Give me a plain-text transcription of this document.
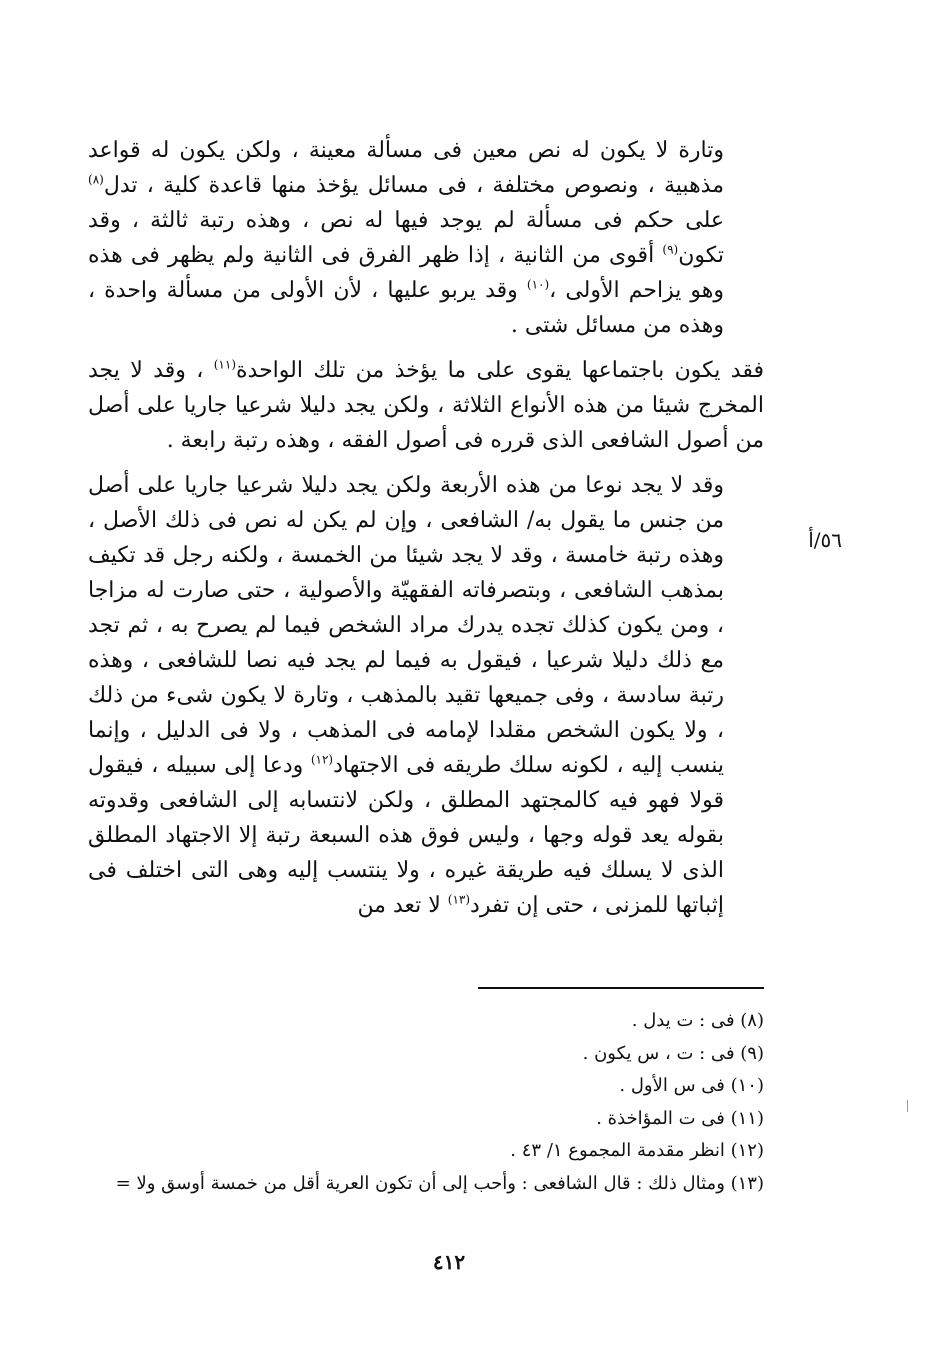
وتارة لا يكون له نص معين فى مسألة معينة ، ولكن يكون له قواعد مذهبية ، ونصوص مختلفة ، فى مسائل يؤخذ منها قاعدة كلية ، تدل$^{(٨)}$ على حكم فى مسألة لم يوجد فيها له نص ، وهذه رتبة ثالثة ، وقد تكون$^{(٩)}$ أقوى من الثانية ، إذا ظهر الفرق فى الثانية ولم يظهر فى هذه وهو يزاحم الأولى ،$^{(١٠)}$ وقد يربو عليها ، لأن الأولى من مسألة واحدة ، وهذه من مسائل شتى .

فقد يكون باجتماعها يقوى على ما يؤخذ من تلك الواحدة$^{(١١)}$ ، وقد لا يجد المخرج شيئا من هذه الأنواع الثلاثة ، ولكن يجد دليلا شرعيا جاريا على أصل من أصول الشافعى الذى قرره فى أصول الفقه ، وهذه رتبة رابعة .

وقد لا يجد نوعا من هذه الأربعة ولكن يجد دليلا شرعيا جاريا على أصل من جنس ما يقول به/ الشافعى ، وإن لم يكن له نص فى ذلك الأصل ، وهذه رتبة خامسة ، وقد لا يجد شيئا من الخمسة ، ولكنه رجل قد تكيف بمذهب الشافعى ، وبتصرفاته الفقهيّة والأصولية ، حتى صارت له مزاجا ، ومن يكون كذلك تجده يدرك مراد الشخص فيما لم يصرح به ، ثم تجد مع ذلك دليلا شرعيا ، فيقول به فيما لم يجد فيه نصا للشافعى ، وهذه رتبة سادسة ، وفى جميعها تقيد بالمذهب ، وتارة لا يكون شىء من ذلك ، ولا يكون الشخص مقلدا لإمامه فى المذهب ، ولا فى الدليل ، وإنما ينسب إليه ، لكونه سلك طريقه فى الاجتهاد$^{(١٢)}$ ودعا إلى سبيله ، فيقول قولا فهو فيه كالمجتهد المطلق ، ولكن لانتسابه إلى الشافعى وقدوته بقوله يعد قوله وجها ، وليس فوق هذه السبعة رتبة إلا الاجتهاد المطلق الذى لا يسلك فيه طريقة غيره ، ولا ينتسب إليه وهى التى اختلف فى إثباتها للمزنى ، حتى إن تفرد$^{(١٣)}$ لا تعد من

٥٦/أ

(٨) فى : ت يدل .

(٩) فى : ت ، س يكون .

(١٠) فى س الأول .

(١١) فى ت المؤاخذة .

(١٢) انظر مقدمة المجموع ١/ ٤٣ .

(١٣) ومثال ذلك : قال الشافعى : وأحب إلى أن تكون العرية أقل من خمسة أوسق ولا =

٤١٢
